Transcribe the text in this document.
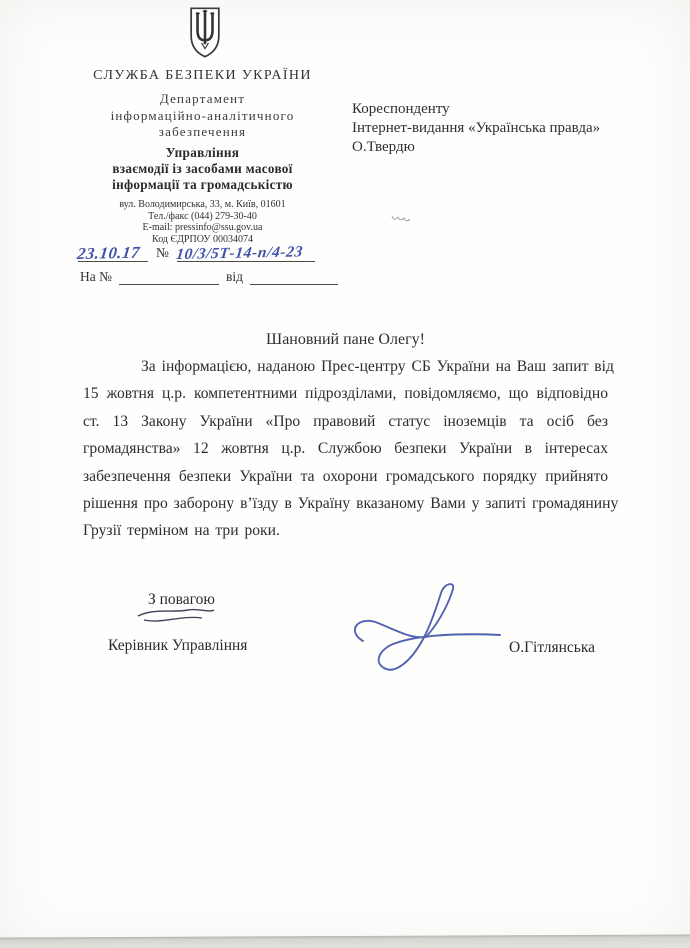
СЛУЖБА БЕЗПЕКИ УКРАЇНИ
Департамент
інформаційно-аналітичного
забезпечення
Управління
взаємодії із засобами масової
інформації та громадськістю
вул. Володимирська, 33, м. Київ, 01601
Тел./факс (044) 279-30-40
E-mail: pressinfo@ssu.gov.ua
Код ЄДРПОУ 00034074
23.10.17 № 10/3/5Т-14-п/4-23
На №	від
Кореспонденту
Інтернет-видання «Українська правда»
О.Твердю
Шановний пане Олегу!
За інформацією, наданою Прес-центру СБ України на Ваш запит від
15 жовтня ц.р. компетентними підрозділами, повідомляємо, що відповідно
ст. 13 Закону України «Про правовий статус іноземців та осіб без
громадянства» 12 жовтня ц.р. Службою безпеки України в інтересах
забезпечення безпеки України та охорони громадського порядку прийнято
рішення про заборону в’їзду в Україну вказаному Вами у запиті громадянину
Грузії терміном на три роки.
З повагою
Керівник Управління	О.Гітлянська
